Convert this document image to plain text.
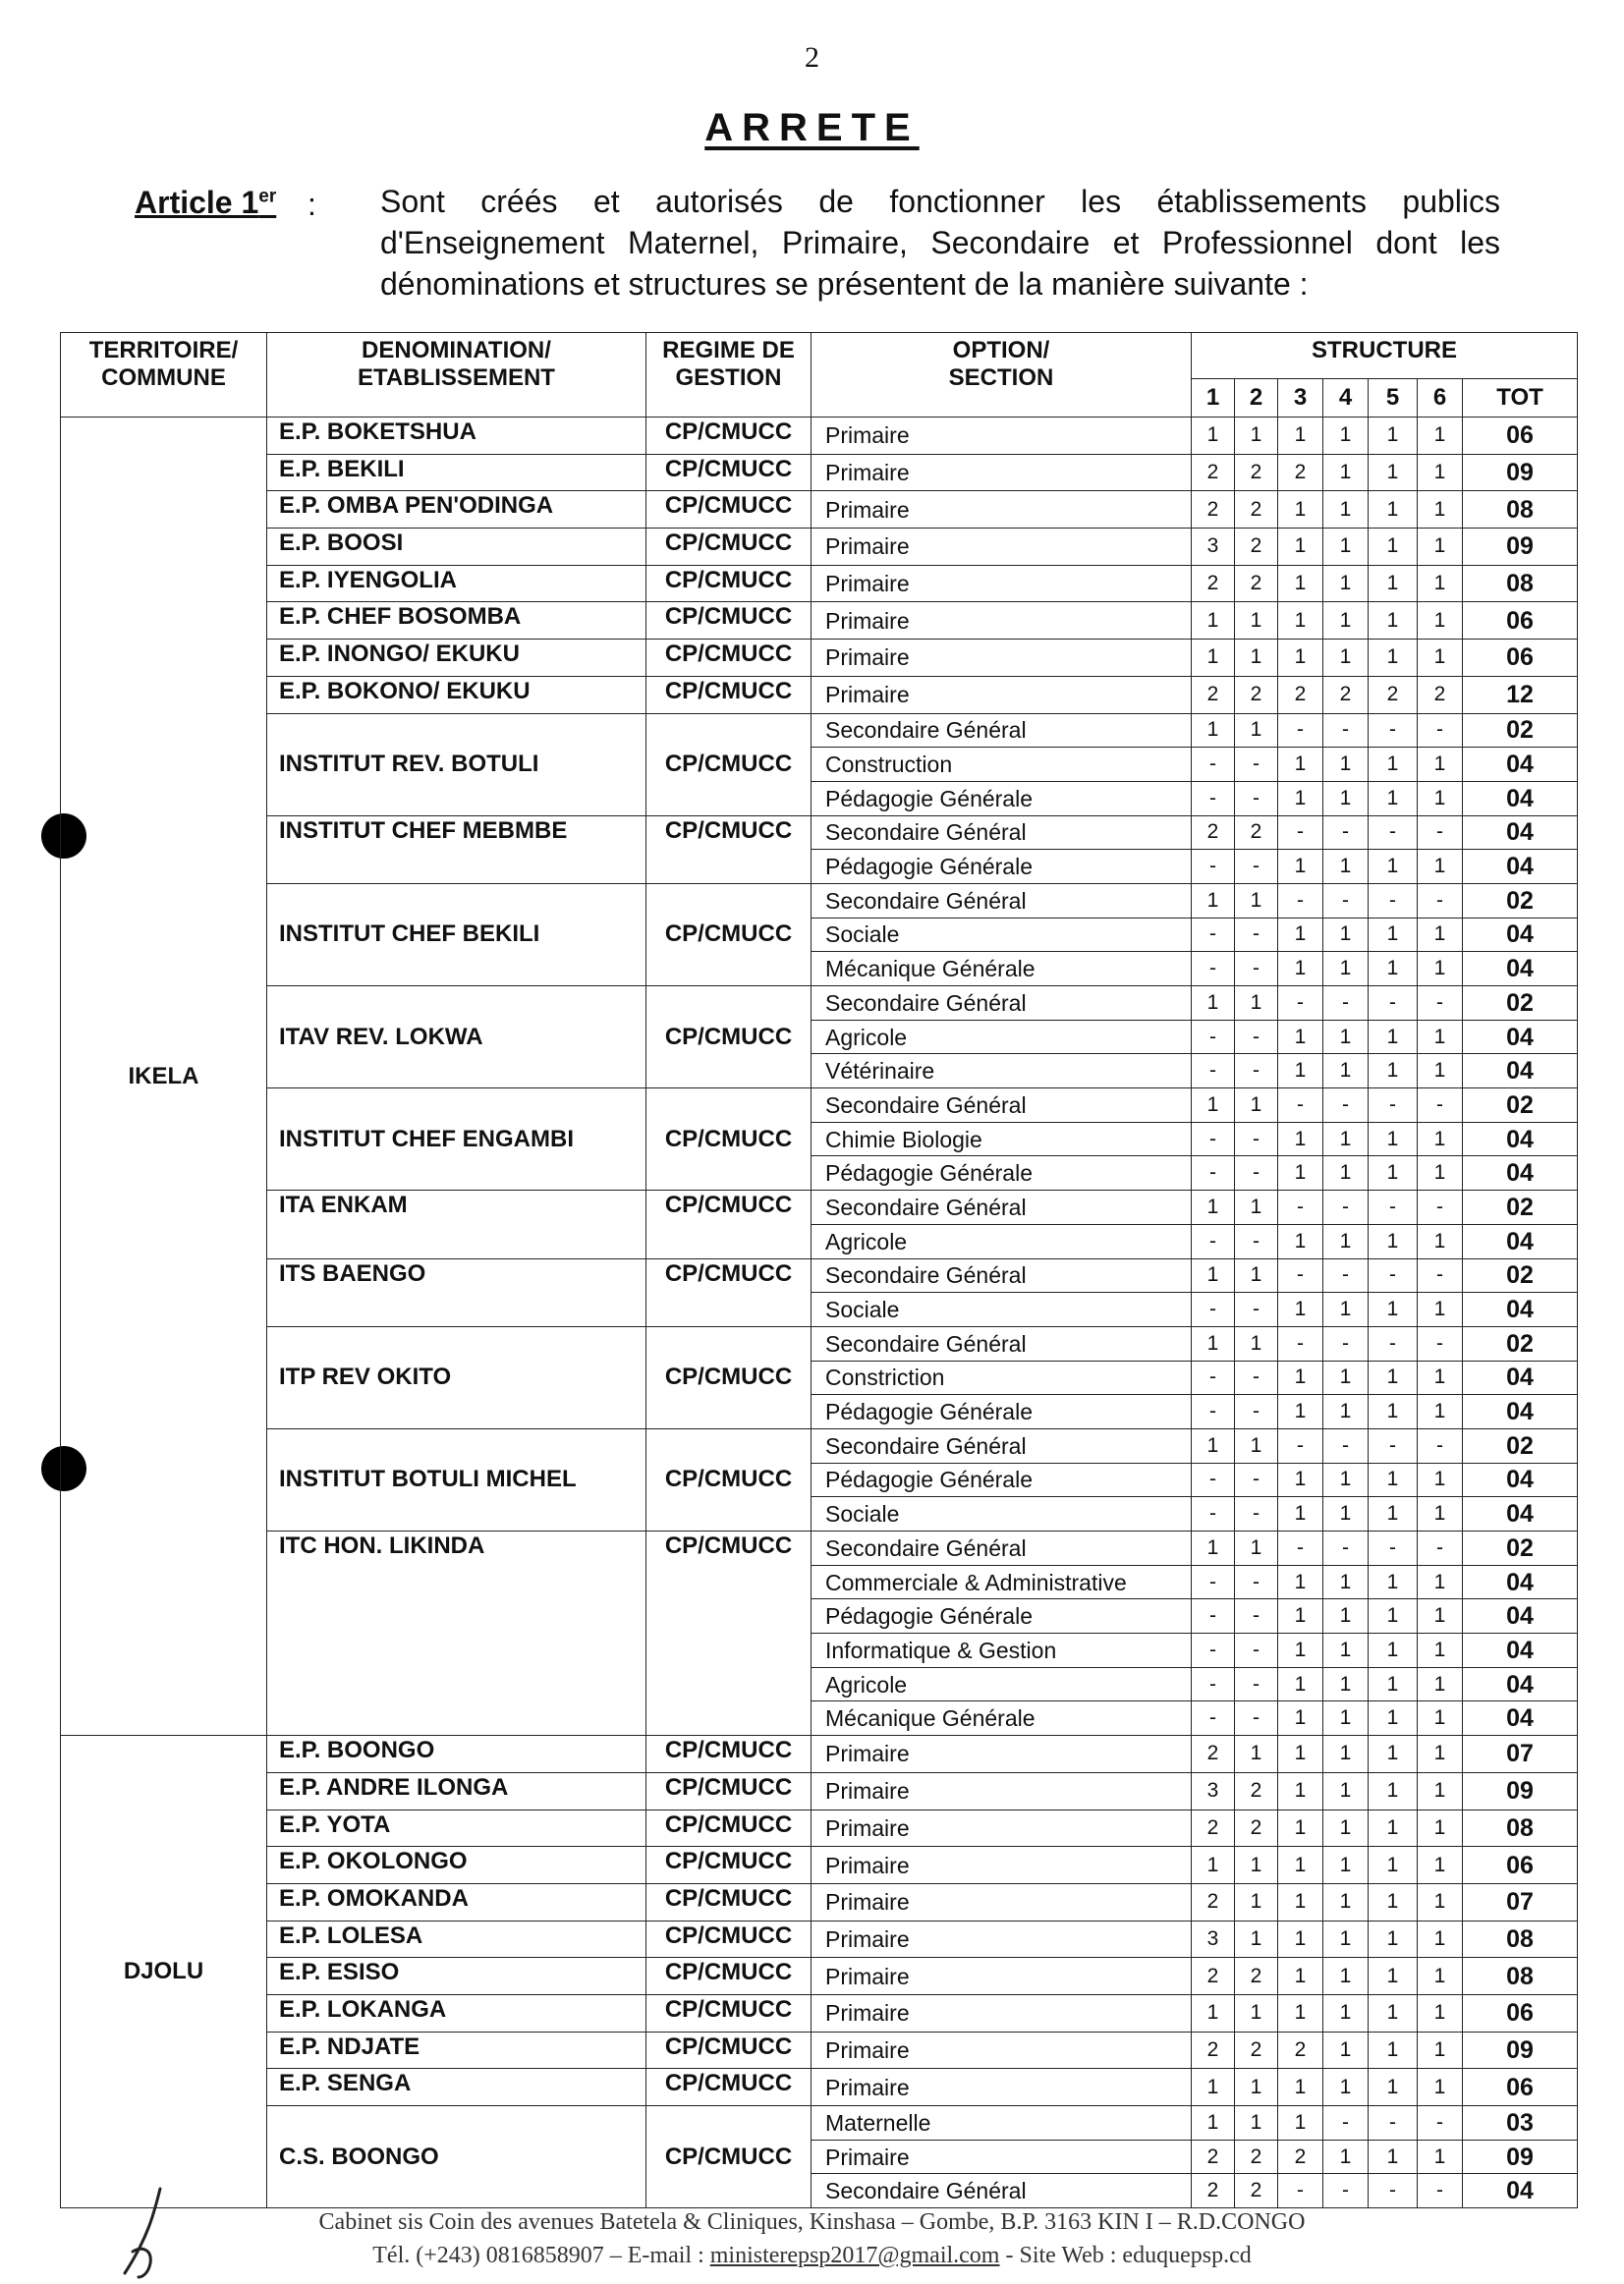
2
ARRETE
Article 1er : Sont créés et autorisés de fonctionner les établissements publics d'Enseignement Maternel, Primaire, Secondaire et Professionnel dont les dénominations et structures se présentent de la manière suivante :
TERRITOIRE/ COMMUNE	DENOMINATION/ ETABLISSEMENT	REGIME DE GESTION	OPTION/ SECTION	STRUCTURE						
				1	2	3	4	5	6	TOT
IKELA	E.P. BOKETSHUA	CP/CMUCC	Primaire	1	1	1	1	1	1	06
	E.P. BEKILI	CP/CMUCC	Primaire	2	2	2	1	1	1	09
	E.P. OMBA PEN'ODINGA	CP/CMUCC	Primaire	2	2	1	1	1	1	08
	E.P. BOOSI	CP/CMUCC	Primaire	3	2	1	1	1	1	09
	E.P. IYENGOLIA	CP/CMUCC	Primaire	2	2	1	1	1	1	08
	E.P. CHEF BOSOMBA	CP/CMUCC	Primaire	1	1	1	1	1	1	06
	E.P. INONGO/ EKUKU	CP/CMUCC	Primaire	1	1	1	1	1	1	06
	E.P. BOKONO/ EKUKU	CP/CMUCC	Primaire	2	2	2	2	2	2	12
	INSTITUT REV. BOTULI	CP/CMUCC	Secondaire Général	1	1	-	-	-	-	02
			Construction	-	-	1	1	1	1	04
			Pédagogie Générale	-	-	1	1	1	1	04
	INSTITUT CHEF MEBMBE	CP/CMUCC	Secondaire Général	2	2	-	-	-	-	04
			Pédagogie Générale	-	-	1	1	1	1	04
	INSTITUT CHEF BEKILI	CP/CMUCC	Secondaire Général	1	1	-	-	-	-	02
			Sociale	-	-	1	1	1	1	04
			Mécanique Générale	-	-	1	1	1	1	04
	ITAV REV. LOKWA	CP/CMUCC	Secondaire Général	1	1	-	-	-	-	02
			Agricole	-	-	1	1	1	1	04
			Vétérinaire	-	-	1	1	1	1	04
	INSTITUT CHEF ENGAMBI	CP/CMUCC	Secondaire Général	1	1	-	-	-	-	02
			Chimie Biologie	-	-	1	1	1	1	04
			Pédagogie Générale	-	-	1	1	1	1	04
	ITA ENKAM	CP/CMUCC	Secondaire Général	1	1	-	-	-	-	02
			Agricole	-	-	1	1	1	1	04
	ITS BAENGO	CP/CMUCC	Secondaire Général	1	1	-	-	-	-	02
			Sociale	-	-	1	1	1	1	04
	ITP REV OKITO	CP/CMUCC	Secondaire Général	1	1	-	-	-	-	02
			Constriction	-	-	1	1	1	1	04
			Pédagogie Générale	-	-	1	1	1	1	04
	INSTITUT BOTULI MICHEL	CP/CMUCC	Secondaire Général	1	1	-	-	-	-	02
			Pédagogie Générale	-	-	1	1	1	1	04
			Sociale	-	-	1	1	1	1	04
	ITC HON. LIKINDA	CP/CMUCC	Secondaire Général	1	1	-	-	-	-	02
			Commerciale & Administrative	-	-	1	1	1	1	04
			Pédagogie Générale	-	-	1	1	1	1	04
			Informatique & Gestion	-	-	1	1	1	1	04
			Agricole	-	-	1	1	1	1	04
			Mécanique Générale	-	-	1	1	1	1	04
DJOLU	E.P. BOONGO	CP/CMUCC	Primaire	2	1	1	1	1	1	07
	E.P. ANDRE ILONGA	CP/CMUCC	Primaire	3	2	1	1	1	1	09
	E.P. YOTA	CP/CMUCC	Primaire	2	2	1	1	1	1	08
	E.P. OKOLONGO	CP/CMUCC	Primaire	1	1	1	1	1	1	06
	E.P. OMOKANDA	CP/CMUCC	Primaire	2	1	1	1	1	1	07
	E.P. LOLESA	CP/CMUCC	Primaire	3	1	1	1	1	1	08
	E.P. ESISO	CP/CMUCC	Primaire	2	2	1	1	1	1	08
	E.P. LOKANGA	CP/CMUCC	Primaire	1	1	1	1	1	1	06
	E.P. NDJATE	CP/CMUCC	Primaire	2	2	2	1	1	1	09
	E.P. SENGA	CP/CMUCC	Primaire	1	1	1	1	1	1	06
	C.S. BOONGO	CP/CMUCC	Maternelle	1	1	1	-	-	-	03
			Primaire	2	2	2	1	1	1	09
			Secondaire Général	2	2	-	-	-	-	04
Cabinet sis Coin des avenues Batetela & Cliniques, Kinshasa – Gombe, B.P. 3163 KIN I – R.D.CONGO
Tél. (+243) 0816858907 – E-mail : ministerepsp2017@gmail.com - Site Web : eduquepsp.cd
